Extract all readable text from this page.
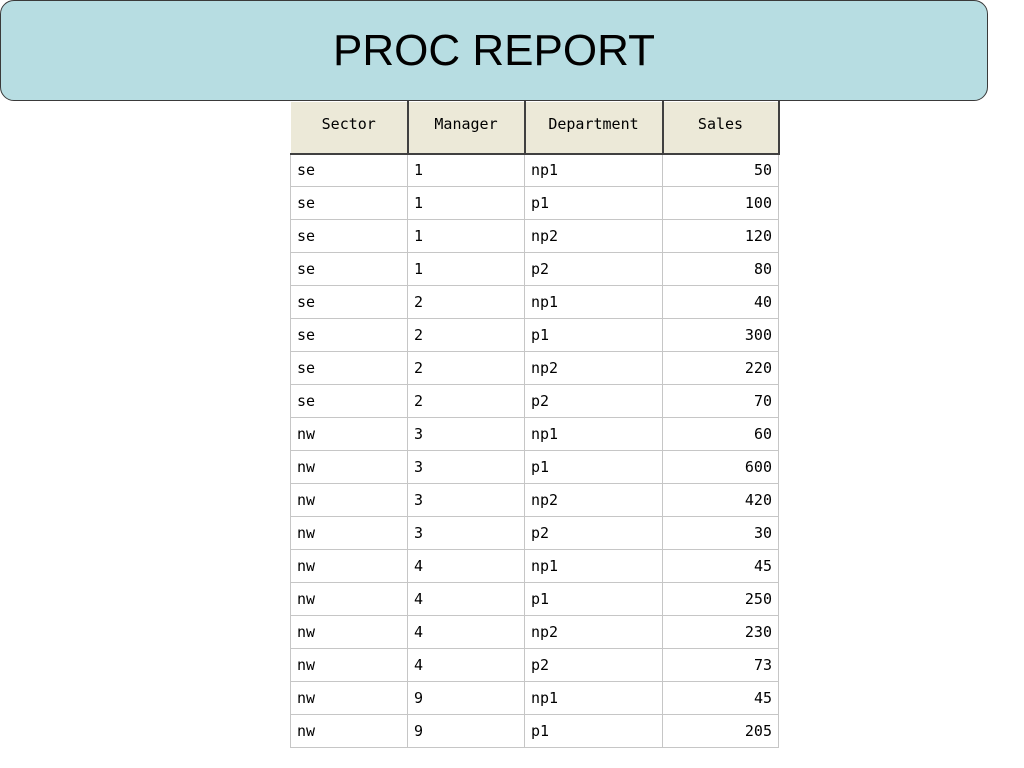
PROC REPORT
Sector	Manager	Department	Sales
se	1	np1	50
se	1	p1	100
se	1	np2	120
se	1	p2	80
se	2	np1	40
se	2	p1	300
se	2	np2	220
se	2	p2	70
nw	3	np1	60
nw	3	p1	600
nw	3	np2	420
nw	3	p2	30
nw	4	np1	45
nw	4	p1	250
nw	4	np2	230
nw	4	p2	73
nw	9	np1	45
nw	9	p1	205
